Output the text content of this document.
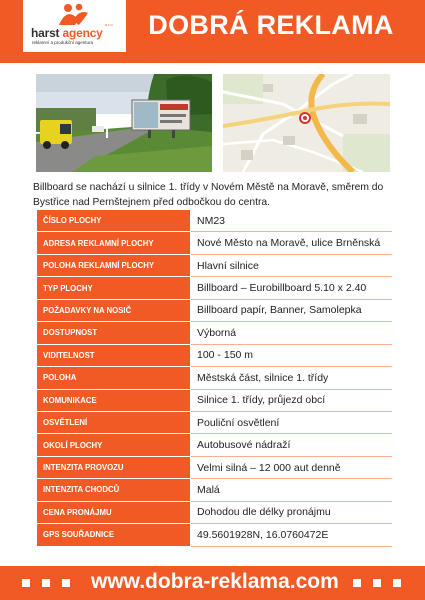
s.r.o.
harst agency
reklamní a produkční agentura
DOBRÁ REKLAMA

Billboard se nachází u silnice 1. třídy v Novém Městě na Moravě, směrem do Bystřice nad Pernštejnem před odbočkou do centra.

ČÍSLO PLOCHY	NM23
ADRESA REKLAMNÍ PLOCHY	Nové Město na Moravě, ulice Brněnská
POLOHA REKLAMNÍ PLOCHY	Hlavní silnice
TYP PLOCHY	Billboard – Eurobillboard 5.10 x 2.40
POŽADAVKY NA NOSIČ	Billboard papír, Banner, Samolepka
DOSTUPNOST	Výborná
VIDITELNOST	100 - 150 m
POLOHA	Městská část, silnice 1. třídy
KOMUNIKACE	Silnice 1. třídy, průjezd obcí
OSVĚTLENÍ	Pouliční osvětlení
OKOLÍ PLOCHY	Autobusové nádraží
INTENZITA PROVOZU	Velmi silná – 12 000 aut denně
INTENZITA CHODCŮ	Malá
CENA PRONÁJMU	Dohodou dle délky pronájmu
GPS SOUŘADNICE	49.5601928N, 16.0760472E
www.dobra-reklama.com
